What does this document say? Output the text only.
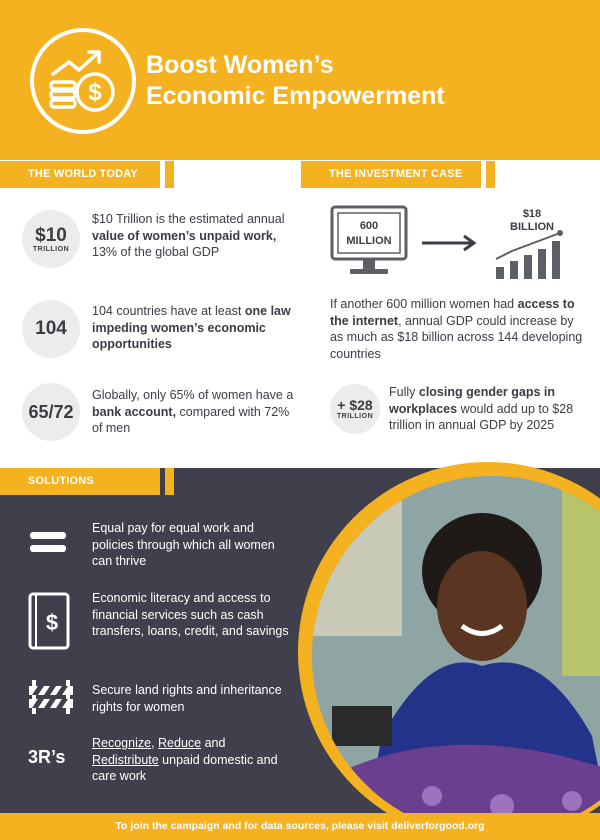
$
Boost Women’s
Economic Empowerment
THE WORLD TODAY	THE INVESTMENT CASE
$10
TRILLION
$10 Trillion is the estimated annual value of women’s unpaid work, 13% of the global GDP
104
104 countries have at least one law impeding women’s economic opportunities
65/72
Globally, only 65% of women have a bank account, compared with 72% of men
600
MILLION
$18
BILLION
If another 600 million women had access to the internet, annual GDP could increase by as much as $18 billion across 144 developing countries
+ $28
TRILLION
Fully closing gender gaps in workplaces would add up to $28 trillion in annual GDP by 2025
SOLUTIONS
Equal pay for equal work and policies through which all women can thrive
$
Economic literacy and access to financial services such as cash transfers, loans, credit, and savings
Secure land rights and inheritance rights for women
3R’s
Recognize, Reduce and
Redistribute unpaid domestic and care work
To join the campaign and for data sources, please visit deliverforgood.org
